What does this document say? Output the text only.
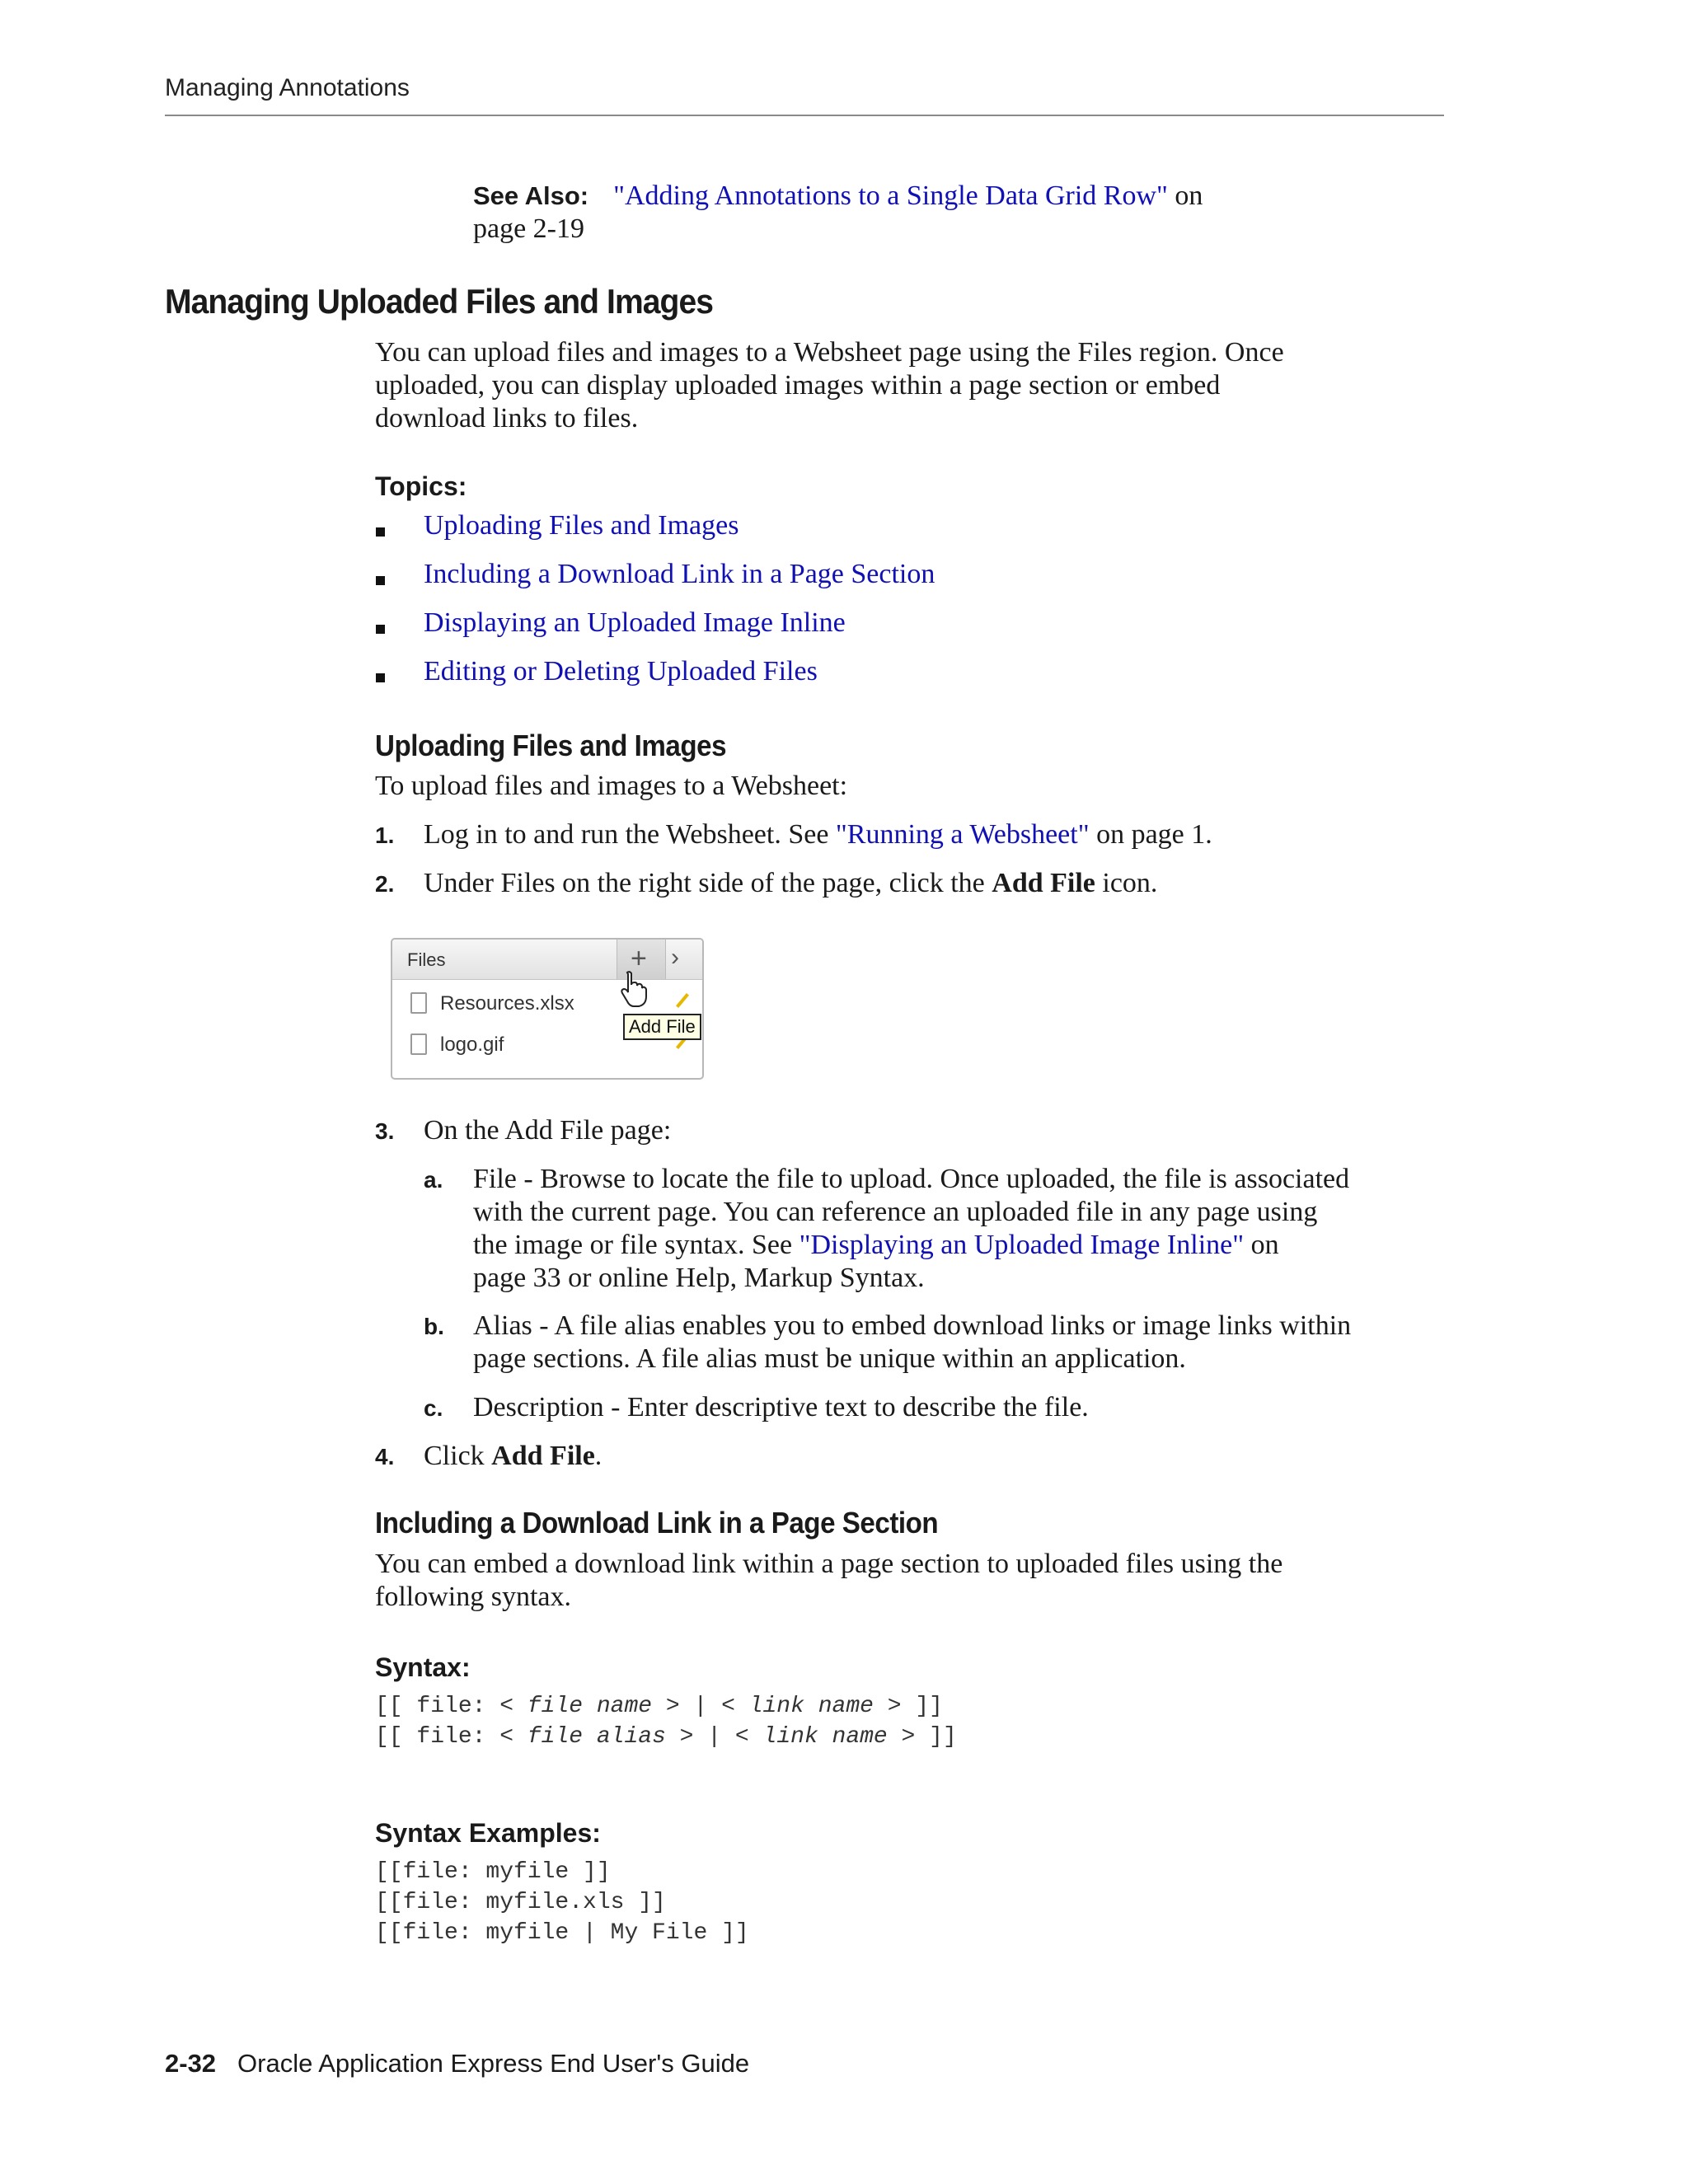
Managing Annotations
See Also: "Adding Annotations to a Single Data Grid Row" on
page 2-19
Managing Uploaded Files and Images
You can upload files and images to a Websheet page using the Files region. Once
uploaded, you can display uploaded images within a page section or embed
download links to files.
Topics:
Uploading Files and Images
Including a Download Link in a Page Section
Displaying an Uploaded Image Inline
Editing or Deleting Uploaded Files
Uploading Files and Images
To upload files and images to a Websheet:
1. Log in to and run the Websheet. See "Running a Websheet" on page 1.
2. Under Files on the right side of the page, click the Add File icon.
Files	+ ›
Resources.xlsx
logo.gif
Add File
3. On the Add File page:
a. File - Browse to locate the file to upload. Once uploaded, the file is associated
with the current page. You can reference an uploaded file in any page using
the image or file syntax. See "Displaying an Uploaded Image Inline" on
page 33 or online Help, Markup Syntax.
b. Alias - A file alias enables you to embed download links or image links within
page sections. A file alias must be unique within an application.
c. Description - Enter descriptive text to describe the file.
4. Click Add File.
Including a Download Link in a Page Section
You can embed a download link within a page section to uploaded files using the
following syntax.
Syntax:
[[ file: < file name > | < link name > ]]
[[ file: < file alias > | < link name > ]]
Syntax Examples:
[[file: myfile ]]
[[file: myfile.xls ]]
[[file: myfile | My File ]]
2-32 Oracle Application Express End User's Guide
